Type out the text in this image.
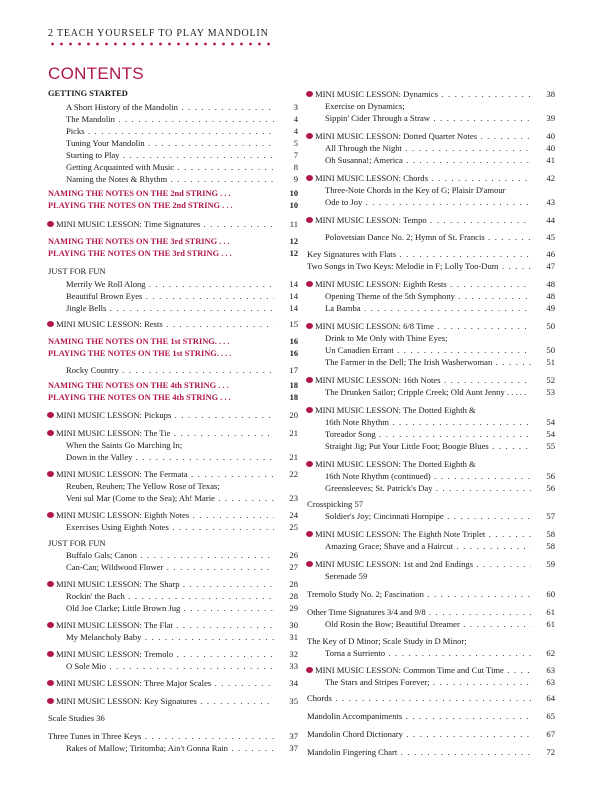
2 TEACH YOURSELF TO PLAY MANDOLIN
CONTENTS
GETTING STARTED
A Short History of the Mandolin . . .	3
The Mandolin . . .	4
Picks . . .	4
Tuning Your Mandolin . . .	5
Starting to Play . . .	7
Getting Acquainted with Music . . .	8
Naming the Notes & Rhythm . . .	9
NAMING THE NOTES ON THE 2nd STRING . . .	10
PLAYING THE NOTES ON THE 2nd STRING . . .	10
MINI MUSIC LESSON: Time Signatures . . .	11
NAMING THE NOTES ON THE 3rd STRING . . .	12
PLAYING THE NOTES ON THE 3rd STRING . . .	12
JUST FOR FUN
Merrily We Roll Along . . .	14
Beautiful Brown Eyes . . .	14
Jingle Bells . . .	14
MINI MUSIC LESSON: Rests . . .	15
NAMING THE NOTES ON THE 1st STRING. . . .	16
PLAYING THE NOTES ON THE 1st STRING. . . .	16
Rocky Country . . .	17
NAMING THE NOTES ON THE 4th STRING . . .	18
PLAYING THE NOTES ON THE 4th STRING . . .	18
MINI MUSIC LESSON: Pickups . . .	20
MINI MUSIC LESSON: The Tie . . .	21
When the Saints Go Marching In;
Down in the Valley . . .	21
MINI MUSIC LESSON: The Fermata . . .	22
Reuben, Reuben; The Yellow Rose of Texas;
Veni sul Mar (Come to the Sea); Ah! Marie . . .	23
MINI MUSIC LESSON: Eighth Notes . . .	24
Exercises Using Eighth Notes . . .	25
JUST FOR FUN
Buffalo Gals; Canon . . .	26
Can-Can; Wildwood Flower . . .	27
MINI MUSIC LESSON: The Sharp . . .	28
Rockin' the Bach . . .	28
Old Joe Clarke; Little Brown Jug . . .	29
MINI MUSIC LESSON: The Flat . . .	30
My Melancholy Baby . . .	31
MINI MUSIC LESSON: Tremolo . . .	32
O Sole Mio . . .	33
MINI MUSIC LESSON: Three Major Scales . . .	34
MINI MUSIC LESSON: Key Signatures . . .	35
Scale Studies 36
Three Tunes in Three Keys . . .	37
Rakes of Mallow; Tiritomba; Ain't Gonna Rain . . .	37
MINI MUSIC LESSON: Dynamics . . .	38
Exercise on Dynamics;
Sippin' Cider Through a Straw . . .	39
MINI MUSIC LESSON: Dotted Quarter Notes . . .	40
All Through the Night . . .	40
Oh Susanna!; America . . .	41
MINI MUSIC LESSON: Chords . . .	42
Three-Note Chords in the Key of G; Plaisir D'amour
Ode to Joy . . .	43
MINI MUSIC LESSON: Tempo . . .	44
Polovetsian Dance No. 2; Hymn of St. Francis . . .	45
Key Signatures with Flats . . .	46
Two Songs in Two Keys: Melodie in F; Lolly Too-Dum . . .	47
MINI MUSIC LESSON: Eighth Rests . . .	48
Opening Theme of the 5th Symphony . . .	48
La Bamba . . .	49
MINI MUSIC LESSON: 6/8 Time . . .	50
Drink to Me Only with Thine Eyes;
Un Canadien Errant . . .	50
The Farmer in the Dell; The Irish Washerwoman . . .	51
MINI MUSIC LESSON: 16th Notes . . .	52
The Drunken Sailor; Cripple Creek; Old Aunt Jenny . . . . .	53
MINI MUSIC LESSON: The Dotted Eighth &
16th Note Rhythm . . .	54
Toreador Song . . .	54
Straight Jig; Put Your Little Foot; Boogie Blues . . .	55
MINI MUSIC LESSON: The Dotted Eighth &
16th Note Rhythm (continued) . . .	56
Greensleeves; St. Patrick's Day . . .	56
Crosspicking 57
Soldier's Joy; Cincinnati Hornpipe . . .	57
MINI MUSIC LESSON: The Eighth Note Triplet . . .	58
Amazing Grace; Shave and a Haircut . . .	58
MINI MUSIC LESSON: 1st and 2nd Endings . . .	59
Serenade 59
Tremolo Study No. 2; Fascination . . .	60
Other Time Signatures 3/4 and 9/8 . . .	61
Old Rosin the Bow; Beautiful Dreamer . . .	61
The Key of D Minor; Scale Study in D Minor;
Torna a Surriento . . .	62
MINI MUSIC LESSON: Common Time and Cut Time . . .	63
The Stars and Stripes Forever; . . .	63
Chords . . .	64
Mandolin Accompaniments . . .	65
Mandolin Chord Dictionary . . .	67
Mandolin Fingering Chart . . .	72
